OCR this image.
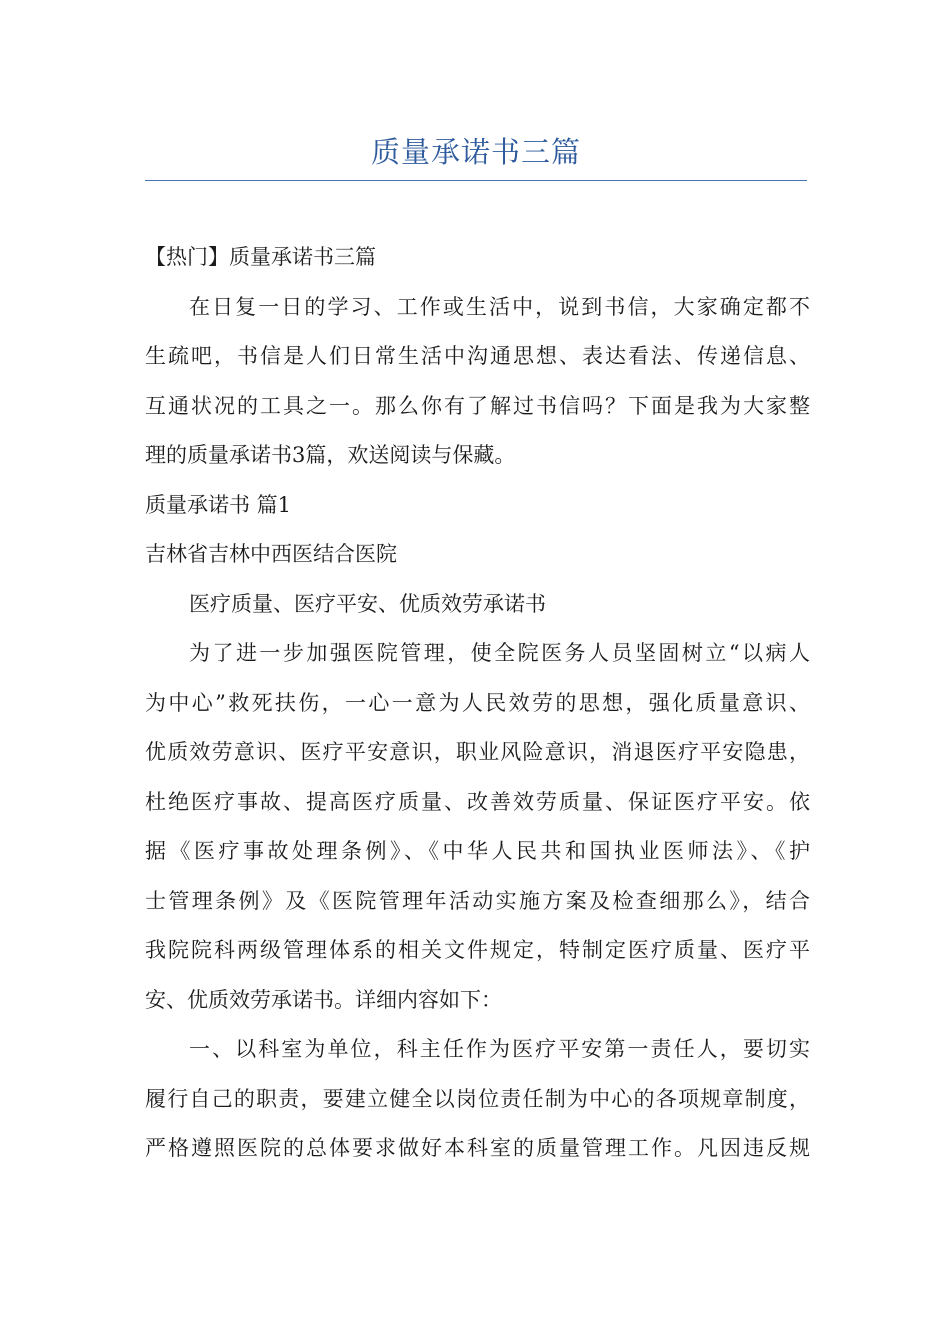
质量承诺书三篇
【热门】质量承诺书三篇
在日复一日的学习、工作或生活中，说到书信，大家确定都不
生疏吧，书信是人们日常生活中沟通思想、表达看法、传递信息、
互通状况的工具之一。那么你有了解过书信吗？下面是我为大家整
理的质量承诺书3篇，欢送阅读与保藏。
质量承诺书 篇1
吉林省吉林中西医结合医院
医疗质量、医疗平安、优质效劳承诺书
为了进一步加强医院管理，使全院医务人员坚固树立“以病人
为中心”救死扶伤，一心一意为人民效劳的思想，强化质量意识、
优质效劳意识、医疗平安意识，职业风险意识，消退医疗平安隐患，
杜绝医疗事故、提高医疗质量、改善效劳质量、保证医疗平安。依
据《医疗事故处理条例》、《中华人民共和国执业医师法》、《护
士管理条例》及《医院管理年活动实施方案及检查细那么》，结合
我院院科两级管理体系的相关文件规定，特制定医疗质量、医疗平
安、优质效劳承诺书。详细内容如下：
一、以科室为单位，科主任作为医疗平安第一责任人，要切实
履行自己的职责，要建立健全以岗位责任制为中心的各项规章制度，
严格遵照医院的总体要求做好本科室的质量管理工作。凡因违反规
